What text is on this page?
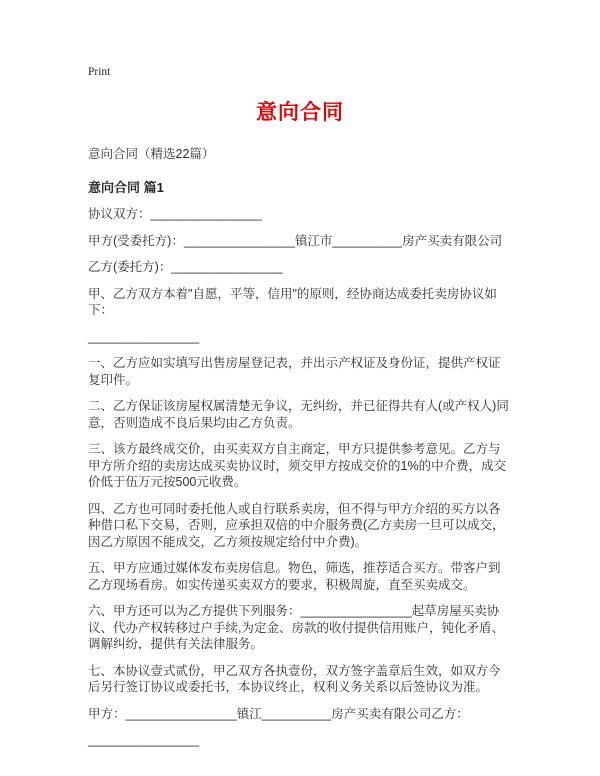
Print
意向合同

意向合同（精选22篇）

意向合同 篇1

协议双方：________________

甲方(受委托方)：________________镇江市__________房产买卖有限公司

乙方(委托方)：________________

甲、乙方双方本着"自愿，平等，信用"的原则，经协商达成委托卖房协议如下：

________________

一、乙方应如实填写出售房屋登记表，并出示产权证及身份证，提供产权证复印件。

二、乙方保证该房屋权属清楚无争议，无纠纷，并已征得共有人(或产权人)同意，否则造成不良后果均由乙方负责。

三、该方最终成交价，由买卖双方自主商定，甲方只提供参考意见。乙方与甲方所介绍的卖房达成买卖协议时，须交甲方按成交价的1%的中介费，成交价低于伍万元按500元收费。

四、乙方也可同时委托他人或自行联系卖房，但不得与甲方介绍的买方以各种借口私下交易，否则，应承担双倍的中介服务费(乙方卖房一旦可以成交，因乙方原因不能成交，乙方须按规定给付中介费)。

五、甲方应通过媒体发布卖房信息。物色，筛选，推荐适合买方。带客户到乙方现场看房。如实传递买卖双方的要求，积极周旋，直至买卖成交。

六、甲方还可以为乙方提供下列服务：________________起草房屋买卖协议、代办产权转移过户手续,为定金、房款的收付提供信用账户，钝化矛盾、调解纠纷，提供有关法律服务。

七、本协议壹式贰份，甲乙双方各执壹份，双方签字盖章后生效，如双方今后另行签订协议或委托书，本协议终止，权利义务关系以后签协议为准。

甲方：________________镇江__________房产买卖有限公司乙方：

________________
